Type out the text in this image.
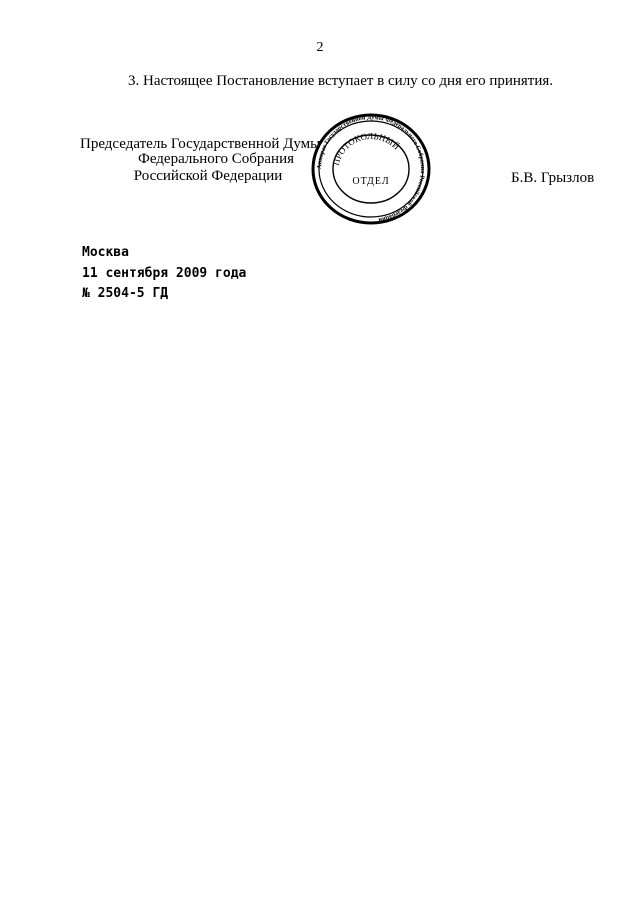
2
3. Настоящее Постановление вступает в силу со дня его принятия.
Председатель Государственной Думы
Федерального Собрания
Российской Федерации
Аппарат Государственной Думы Федерального Собрания Российской Федерации
ПРОТОКОЛЬНЫЙ
ОТДЕЛ	Б.В. Грызлов
Москва
11 сентября 2009 года
№ 2504-5 ГД
